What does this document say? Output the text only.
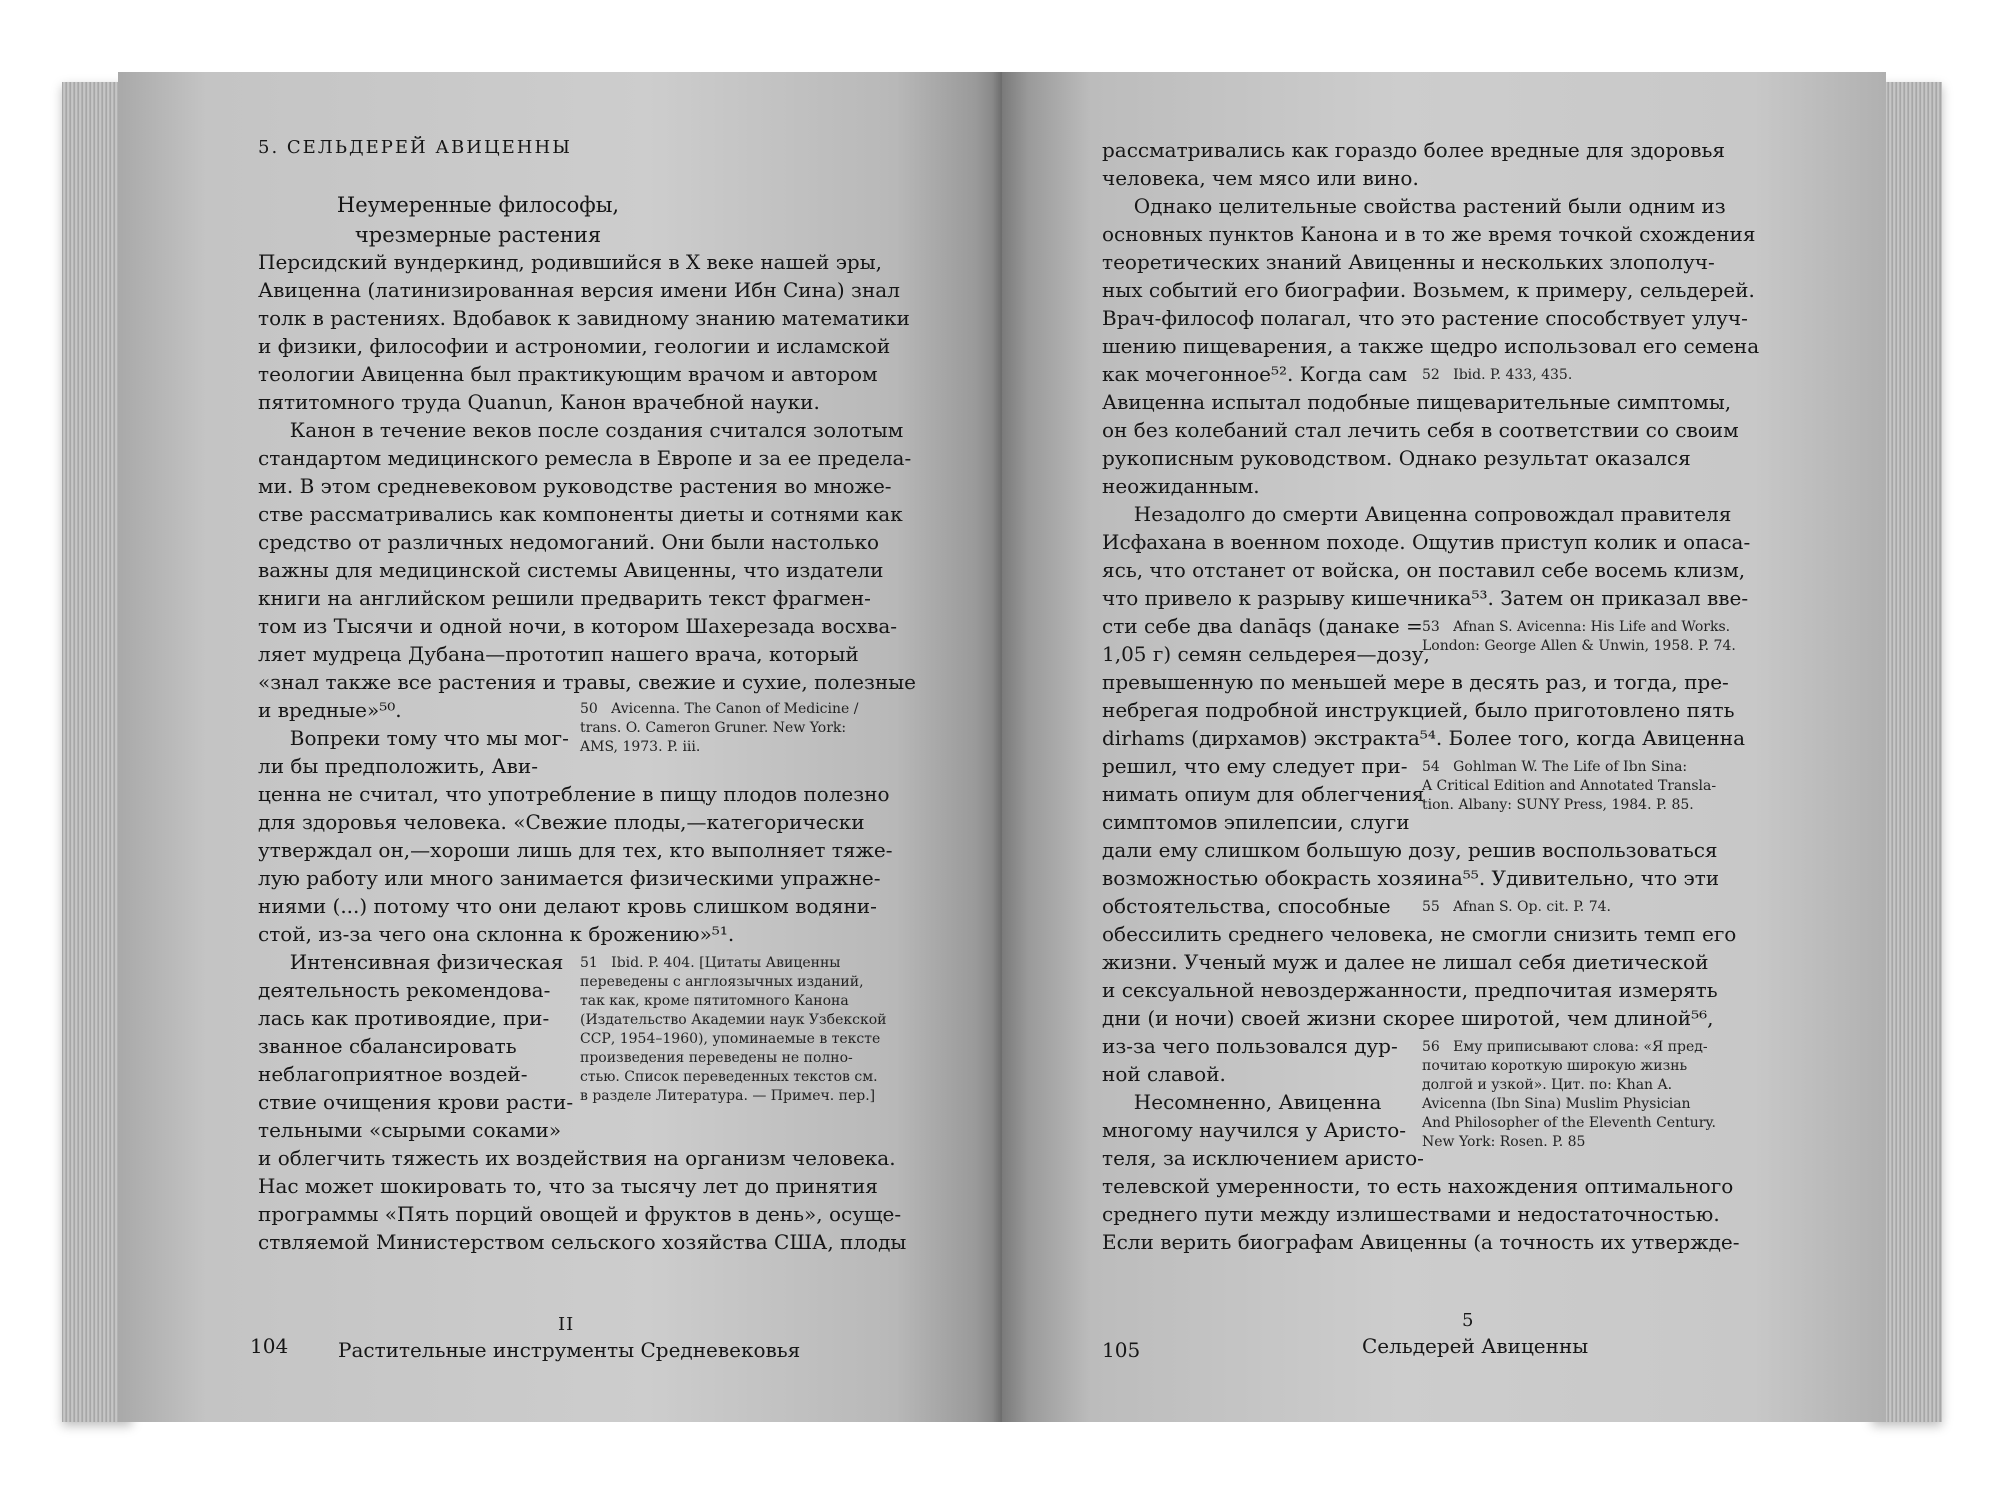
5. СЕЛЬДЕРЕЙ АВИЦЕННЫ
Неумеренные философы,
чрезмерные растения
Персидский вундеркинд, родившийся в X веке нашей эры,
Авиценна (латинизированная версия имени Ибн Сина) знал
толк в растениях. Вдобавок к завидному знанию математики
и физики, философии и астрономии, геологии и исламской
теологии Авиценна был практикующим врачом и автором
пятитомного труда Quanun, Канон врачебной науки.
Канон в течение веков после создания считался золотым
стандартом медицинского ремесла в Европе и за ее предела-
ми. В этом средневековом руководстве растения во множе-
стве рассматривались как компоненты диеты и сотнями как
средство от различных недомоганий. Они были настолько
важны для медицинской системы Авиценны, что издатели
книги на английском решили предварить текст фрагмен-
том из Тысячи и одной ночи, в котором Шахерезада восхва-
ляет мудреца Дубана—прототип нашего врача, который
«знал также все растения и травы, свежие и сухие, полезные
и вредные»⁵⁰.
Вопреки тому что мы мог-
ли бы предположить, Ави-
ценна не считал, что употребление в пищу плодов полезно
для здоровья человека. «Свежие плоды,—категорически
утверждал он,—хороши лишь для тех, кто выполняет тяже-
лую работу или много занимается физическими упражне-
ниями (...) потому что они делают кровь слишком водяни-
стой, из-за чего она склонна к брожению»⁵¹.
Интенсивная физическая
деятельность рекомендова-
лась как противоядие, при-
званное сбалансировать
неблагоприятное воздей-
ствие очищения крови расти-
тельными «сырыми соками»
и облегчить тяжесть их воздействия на организм человека.
Нас может шокировать то, что за тысячу лет до принятия
программы «Пять порций овощей и фруктов в день», осуще-
ствляемой Министерством сельского хозяйства США, плоды
50   Avicenna. The Canon of Medicine /
trans. O. Cameron Gruner. New York:
AMS, 1973. P. iii.
51   Ibid. P. 404. [Цитаты Авиценны
переведены с англоязычных изданий,
так как, кроме пятитомного Канона
(Издательство Академии наук Узбекской
ССР, 1954–1960), упоминаемые в тексте
произведения переведены не полно-
стью. Список переведенных текстов см.
в разделе Литература. — Примеч. пер.]
104
II
Растительные инструменты Средневековья
рассматривались как гораздо более вредные для здоровья
человека, чем мясо или вино.
Однако целительные свойства растений были одним из
основных пунктов Канона и в то же время точкой схождения
теоретических знаний Авиценны и нескольких злополуч-
ных событий его биографии. Возьмем, к примеру, сельдерей.
Врач-философ полагал, что это растение способствует улуч-
шению пищеварения, а также щедро использовал его семена
как мочегонное⁵². Когда сам
Авиценна испытал подобные пищеварительные симптомы,
он без колебаний стал лечить себя в соответствии со своим
рукописным руководством. Однако результат оказался
неожиданным.
Незадолго до смерти Авиценна сопровождал правителя
Исфахана в военном походе. Ощутив приступ колик и опаса-
ясь, что отстанет от войска, он поставил себе восемь клизм,
что привело к разрыву кишечника⁵³. Затем он приказал вве-
сти себе два danāqs (данаке =
1,05 г) семян сельдерея—дозу,
превышенную по меньшей мере в десять раз, и тогда, пре-
небрегая подробной инструкцией, было приготовлено пять
dirhams (дирхамов) экстракта⁵⁴. Более того, когда Авиценна
решил, что ему следует при-
нимать опиум для облегчения
симптомов эпилепсии, слуги
дали ему слишком большую дозу, решив воспользоваться
возможностью обокрасть хозяина⁵⁵. Удивительно, что эти
обстоятельства, способные
обессилить среднего человека, не смогли снизить темп его
жизни. Ученый муж и далее не лишал себя диетической
и сексуальной невоздержанности, предпочитая измерять
дни (и ночи) своей жизни скорее широтой, чем длиной⁵⁶,
из-за чего пользовался дур-
ной славой.
Несомненно, Авиценна
многому научился у Аристо-
теля, за исключением аристо-
телевской умеренности, то есть нахождения оптимального
среднего пути между излишествами и недостаточностью.
Если верить биографам Авиценны (а точность их утвержде-
52   Ibid. P. 433, 435.
53   Afnan S. Avicenna: His Life and Works.
London: George Allen & Unwin, 1958. P. 74.
54   Gohlman W. The Life of Ibn Sina:
A Critical Edition and Annotated Transla-
tion. Albany: SUNY Press, 1984. P. 85.
55   Afnan S. Op. cit. P. 74.
56   Ему приписывают слова: «Я пред-
почитаю короткую широкую жизнь
долгой и узкой». Цит. по: Khan A.
Avicenna (Ibn Sina) Muslim Physician
And Philosopher of the Eleventh Century.
New York: Rosen. P. 85
105
5
Сельдерей Авиценны
